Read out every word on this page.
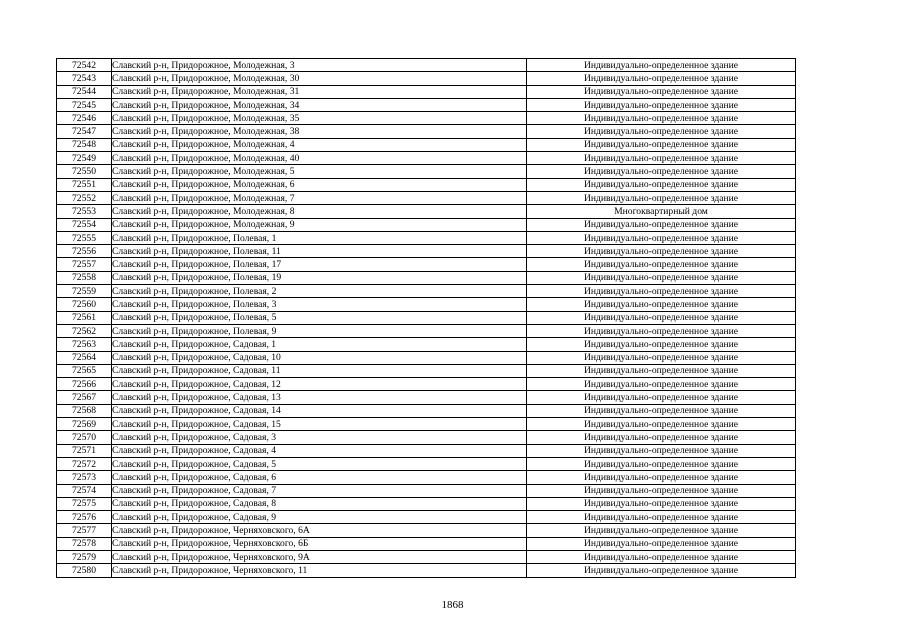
72542	Славский р-н, Придорожное, Молодежная, 3	Индивидуально-определенное здание
72543	Славский р-н, Придорожное, Молодежная, 30	Индивидуально-определенное здание
72544	Славский р-н, Придорожное, Молодежная, 31	Индивидуально-определенное здание
72545	Славский р-н, Придорожное, Молодежная, 34	Индивидуально-определенное здание
72546	Славский р-н, Придорожное, Молодежная, 35	Индивидуально-определенное здание
72547	Славский р-н, Придорожное, Молодежная, 38	Индивидуально-определенное здание
72548	Славский р-н, Придорожное, Молодежная, 4	Индивидуально-определенное здание
72549	Славский р-н, Придорожное, Молодежная, 40	Индивидуально-определенное здание
72550	Славский р-н, Придорожное, Молодежная, 5	Индивидуально-определенное здание
72551	Славский р-н, Придорожное, Молодежная, 6	Индивидуально-определенное здание
72552	Славский р-н, Придорожное, Молодежная, 7	Индивидуально-определенное здание
72553	Славский р-н, Придорожное, Молодежная, 8	Многоквартирный дом
72554	Славский р-н, Придорожное, Молодежная, 9	Индивидуально-определенное здание
72555	Славский р-н, Придорожное, Полевая, 1	Индивидуально-определенное здание
72556	Славский р-н, Придорожное, Полевая, 11	Индивидуально-определенное здание
72557	Славский р-н, Придорожное, Полевая, 17	Индивидуально-определенное здание
72558	Славский р-н, Придорожное, Полевая, 19	Индивидуально-определенное здание
72559	Славский р-н, Придорожное, Полевая, 2	Индивидуально-определенное здание
72560	Славский р-н, Придорожное, Полевая, 3	Индивидуально-определенное здание
72561	Славский р-н, Придорожное, Полевая, 5	Индивидуально-определенное здание
72562	Славский р-н, Придорожное, Полевая, 9	Индивидуально-определенное здание
72563	Славский р-н, Придорожное, Садовая, 1	Индивидуально-определенное здание
72564	Славский р-н, Придорожное, Садовая, 10	Индивидуально-определенное здание
72565	Славский р-н, Придорожное, Садовая, 11	Индивидуально-определенное здание
72566	Славский р-н, Придорожное, Садовая, 12	Индивидуально-определенное здание
72567	Славский р-н, Придорожное, Садовая, 13	Индивидуально-определенное здание
72568	Славский р-н, Придорожное, Садовая, 14	Индивидуально-определенное здание
72569	Славский р-н, Придорожное, Садовая, 15	Индивидуально-определенное здание
72570	Славский р-н, Придорожное, Садовая, 3	Индивидуально-определенное здание
72571	Славский р-н, Придорожное, Садовая, 4	Индивидуально-определенное здание
72572	Славский р-н, Придорожное, Садовая, 5	Индивидуально-определенное здание
72573	Славский р-н, Придорожное, Садовая, 6	Индивидуально-определенное здание
72574	Славский р-н, Придорожное, Садовая, 7	Индивидуально-определенное здание
72575	Славский р-н, Придорожное, Садовая, 8	Индивидуально-определенное здание
72576	Славский р-н, Придорожное, Садовая, 9	Индивидуально-определенное здание
72577	Славский р-н, Придорожное, Черняховского, 6А	Индивидуально-определенное здание
72578	Славский р-н, Придорожное, Черняховского, 6Б	Индивидуально-определенное здание
72579	Славский р-н, Придорожное, Черняховского, 9А	Индивидуально-определенное здание
72580	Славский р-н, Придорожное, Черняховского, 11	Индивидуально-определенное здание
1868
